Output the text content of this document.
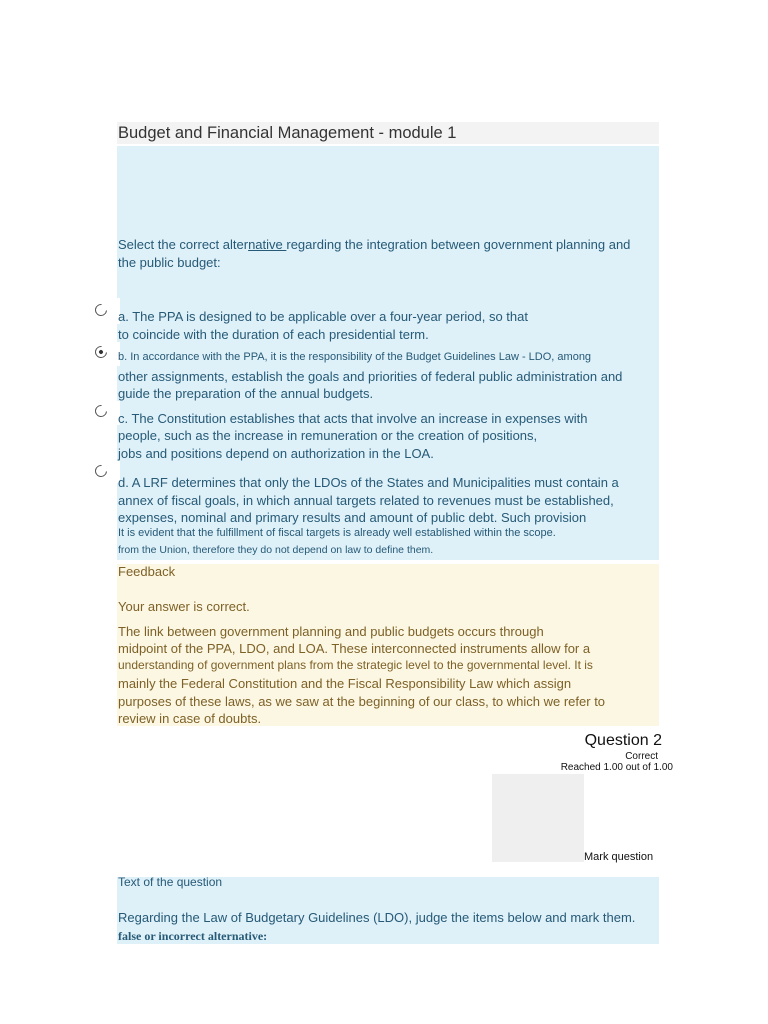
Budget and Financial Management - module 1
Select the correct alternative regarding the integration between government planning and
the public budget:
a. The PPA is designed to be applicable over a four-year period, so that
to coincide with the duration of each presidential term.
b. In accordance with the PPA, it is the responsibility of the Budget Guidelines Law - LDO, among
other assignments, establish the goals and priorities of federal public administration and
guide the preparation of the annual budgets.
c. The Constitution establishes that acts that involve an increase in expenses with
people, such as the increase in remuneration or the creation of positions,
jobs and positions depend on authorization in the LOA.
d. A LRF determines that only the LDOs of the States and Municipalities must contain a
annex of fiscal goals, in which annual targets related to revenues must be established,
expenses, nominal and primary results and amount of public debt. Such provision
It is evident that the fulfillment of fiscal targets is already well established within the scope.
from the Union, therefore they do not depend on law to define them.
Feedback
Your answer is correct.
The link between government planning and public budgets occurs through
midpoint of the PPA, LDO, and LOA. These interconnected instruments allow for a
understanding of government plans from the strategic level to the governmental level. It is
mainly the Federal Constitution and the Fiscal Responsibility Law which assign
purposes of these laws, as we saw at the beginning of our class, to which we refer to
review in case of doubts.
Question 2
Correct
Reached 1.00 out of 1.00
Mark question
Text of the question
Regarding the Law of Budgetary Guidelines (LDO), judge the items below and mark them.
false or incorrect alternative:
